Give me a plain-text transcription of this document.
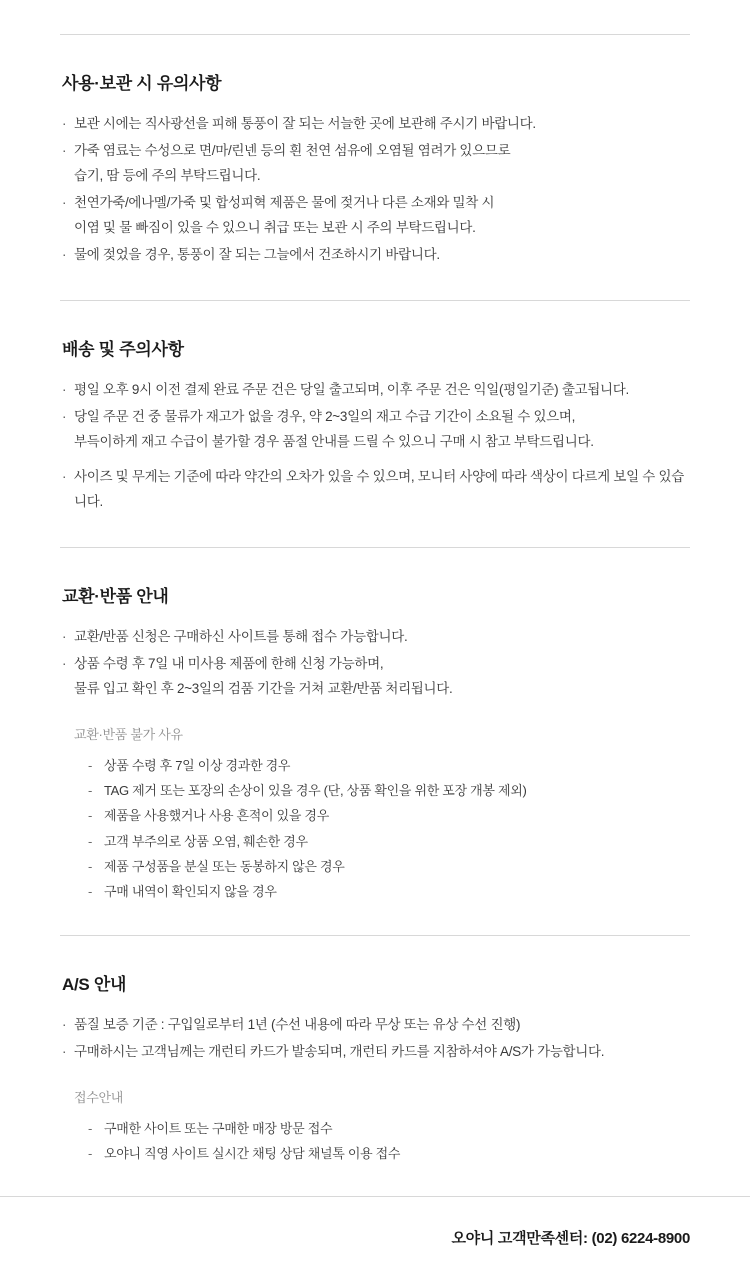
사용·보관 시 유의사항
· 보관 시에는 직사광선을 피해 통풍이 잘 되는 서늘한 곳에 보관해 주시기 바랍니다.
· 가죽 염료는 수성으로 면/마/린넨 등의 흰 천연 섬유에 오염될 염려가 있으므로
습기, 땀 등에 주의 부탁드립니다.
· 천연가죽/에나멜/가죽 및 합성피혁 제품은 물에 젖거나 다른 소재와 밀착 시
이염 및 물 빠짐이 있을 수 있으니 취급 또는 보관 시 주의 부탁드립니다.
· 물에 젖었을 경우, 통풍이 잘 되는 그늘에서 건조하시기 바랍니다.
배송 및 주의사항
· 평일 오후 9시 이전 결제 완료 주문 건은 당일 출고되며, 이후 주문 건은 익일(평일기준) 출고됩니다.
· 당일 주문 건 중 물류가 재고가 없을 경우, 약 2~3일의 재고 수급 기간이 소요될 수 있으며,
부득이하게 재고 수급이 불가할 경우 품절 안내를 드릴 수 있으니 구매 시 참고 부탁드립니다.
· 사이즈 및 무게는 기준에 따라 약간의 오차가 있을 수 있으며, 모니터 사양에 따라 색상이 다르게 보일 수 있습니다.
교환·반품 안내
· 교환/반품 신청은 구매하신 사이트를 통해 접수 가능합니다.
· 상품 수령 후 7일 내 미사용 제품에 한해 신청 가능하며,
물류 입고 확인 후 2~3일의 검품 기간을 거쳐 교환/반품 처리됩니다.
교환·반품 불가 사유
- 상품 수령 후 7일 이상 경과한 경우
- TAG 제거 또는 포장의 손상이 있을 경우 (단, 상품 확인을 위한 포장 개봉 제외)
- 제품을 사용했거나 사용 흔적이 있을 경우
- 고객 부주의로 상품 오염, 훼손한 경우
- 제품 구성품을 분실 또는 동봉하지 않은 경우
- 구매 내역이 확인되지 않을 경우
A/S 안내
· 품질 보증 기준 : 구입일로부터 1년 (수선 내용에 따라 무상 또는 유상 수선 진행)
· 구매하시는 고객님께는 개런티 카드가 발송되며, 개런티 카드를 지참하셔야 A/S가 가능합니다.
접수안내
- 구매한 사이트 또는 구매한 매장 방문 접수
- 오야니 직영 사이트 실시간 채팅 상담 채널톡 이용 접수
오야니 고객만족센터: (02) 6224-8900
